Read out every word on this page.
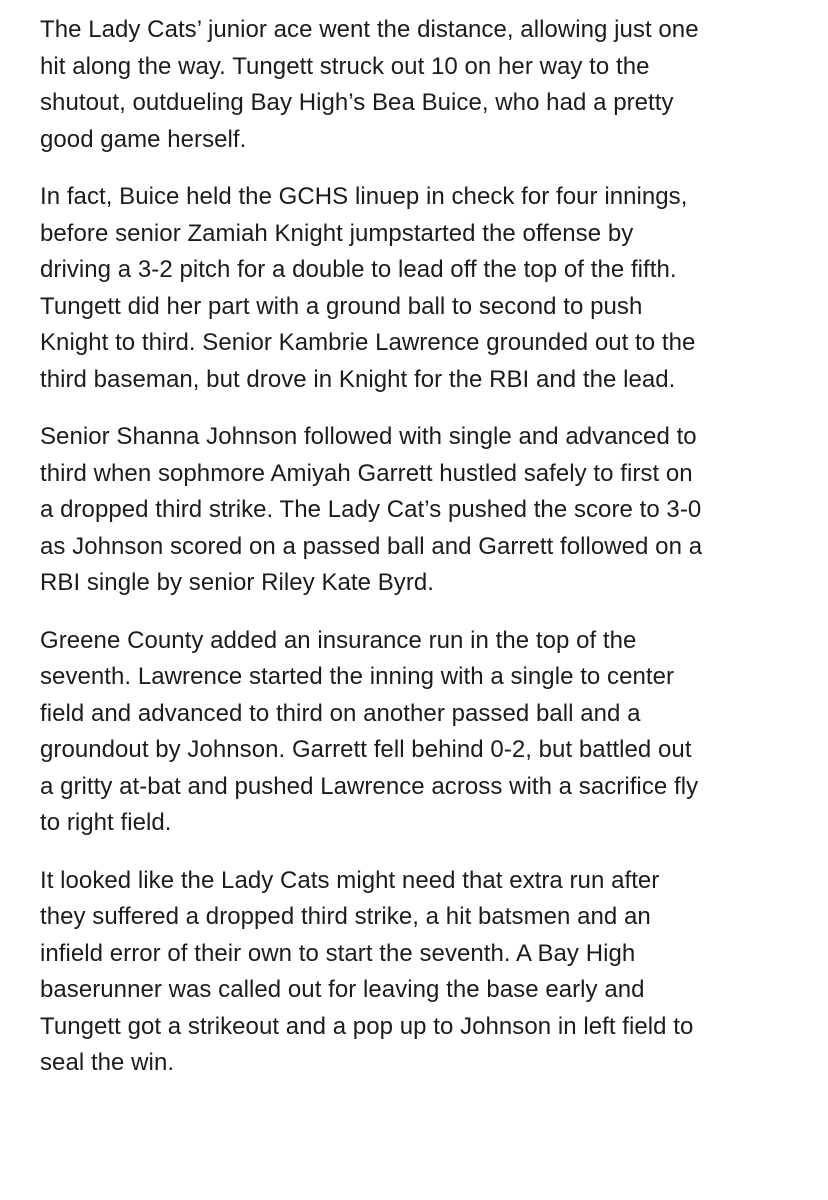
The Lady Cats’ junior ace went the distance, allowing just one
hit along the way. Tungett struck out 10 on her way to the
shutout, outdueling Bay High’s Bea Buice, who had a pretty
good game herself.

In fact, Buice held the GCHS linuep in check for four innings,
before senior Zamiah Knight jumpstarted the offense by
driving a 3-2 pitch for a double to lead off the top of the fifth.
Tungett did her part with a ground ball to second to push
Knight to third. Senior Kambrie Lawrence grounded out to the
third baseman, but drove in Knight for the RBI and the lead.

Senior Shanna Johnson followed with single and advanced to
third when sophmore Amiyah Garrett hustled safely to first on
a dropped third strike. The Lady Cat’s pushed the score to 3-0
as Johnson scored on a passed ball and Garrett followed on a
RBI single by senior Riley Kate Byrd.

Greene County added an insurance run in the top of the
seventh. Lawrence started the inning with a single to center
field and advanced to third on another passed ball and a
groundout by Johnson. Garrett fell behind 0-2, but battled out
a gritty at-bat and pushed Lawrence across with a sacrifice fly
to right field.

It looked like the Lady Cats might need that extra run after
they suffered a dropped third strike, a hit batsmen and an
infield error of their own to start the seventh. A Bay High
baserunner was called out for leaving the base early and
Tungett got a strikeout and a pop up to Johnson in left field to
seal the win.
